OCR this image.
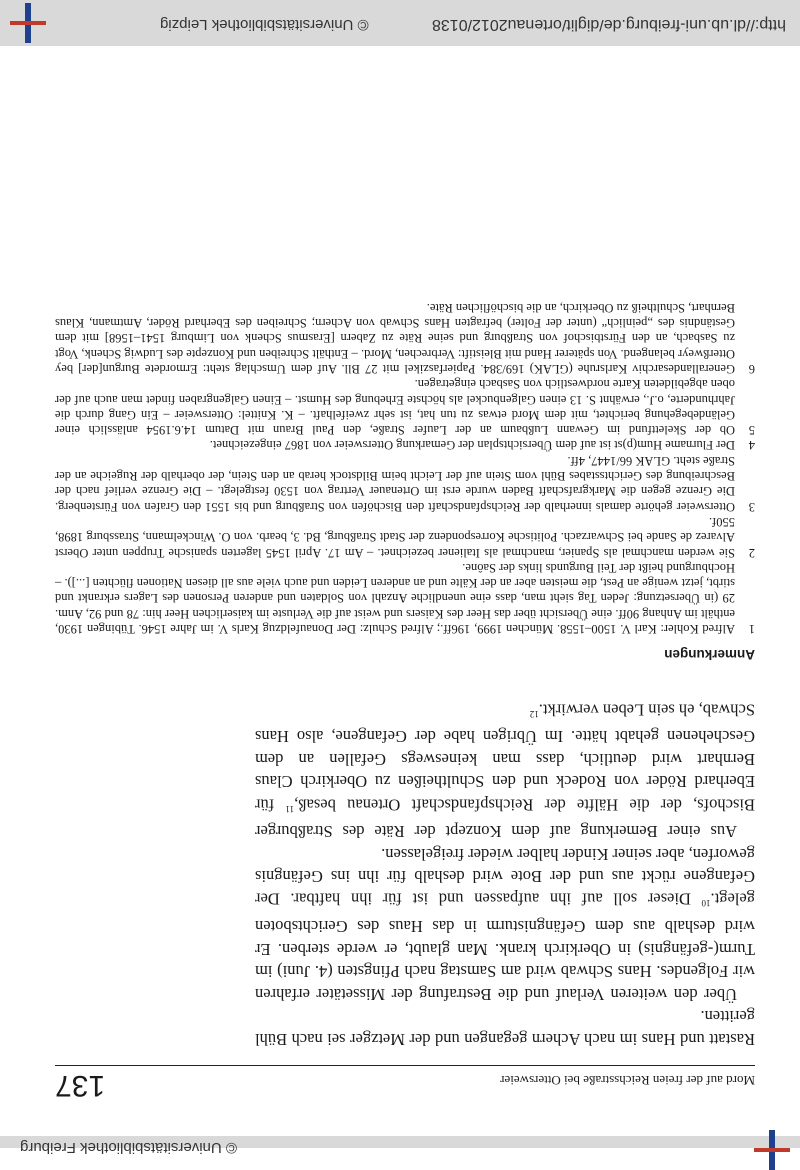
© Universitätsbibliothek Freiburg
Mord auf der freien Reichsstraße bei Ottersweier
137

Rastatt und Hans im nach Achern gegangen und der Metzger sei nach Bühl geritten.

Über den weiteren Verlauf und die Bestrafung der Missetäter erfahren wir Folgendes. Hans Schwab wird am Samstag nach Pfingsten (4. Juni) im Turm(-gefängnis) in Oberkirch krank. Man glaubt, er werde sterben. Er wird deshalb aus dem Gefängnisturm in das Haus des Gerichtsboten gelegt.$^{10}$ Dieser soll auf ihn aufpassen und ist für ihn haftbar. Der Gefangene rückt aus und der Bote wird deshalb für ihn ins Gefängnis geworfen, aber seiner Kinder halber wieder freigelassen.

Aus einer Bemerkung auf dem Konzept der Räte des Straßburger Bischofs, der die Hälfte der Reichspfandschaft Ortenau besaß,$^{11}$ für Eberhard Röder von Rodeck und den Schultheißen zu Oberkirch Claus Bernhart wird deutlich, dass man keineswegs Gefallen an dem Geschehenen gehabt hätte. Im Übrigen habe der Gefangene, also Hans Schwab, eh sein Leben verwirkt.$^{12}$

Anmerkungen

1
Alfred Kohler: Karl V. 1500–1558. München 1999, 196ff.; Alfred Schulz: Der Donaufeldzug Karls V. im Jahre 1546. Tübingen 1930, enthält im Anhang 90ff. eine Übersicht über das Heer des Kaisers und weist auf die Verluste im kaiserlichen Heer hin: 78 und 92, Anm. 29 (in Übersetzung: Jeden Tag sieht man, dass eine unendliche Anzahl von Soldaten und anderen Personen des Lagers erkrankt und stirbt, jetzt wenige an Pest, die meisten aber an der Kälte und an anderen Leiden und auch viele aus all diesen Nationen flüchten [...]). – Hochburgund heißt der Teil Burgunds links der Saône.

2
Sie werden manchmal als Spanier, manchmal als Italiener bezeichnet. – Am 17. April 1545 lagerten spanische Truppen unter Oberst Alvarez de Sande bei Schwarzach. Politische Korrespondenz der Stadt Straßburg, Bd. 3, bearb. von O. Winckelmann, Strassburg 1898, 550f.

3
Ottersweier gehörte damals innerhalb der Reichspfandschaft den Bischöfen von Straßburg und bis 1551 den Grafen von Fürstenberg. Die Grenze gegen die Markgrafschaft Baden wurde erst im Ortenauer Vertrag von 1530 festgelegt. – Die Grenze verlief nach der Beschreibung des Gerichtsstabes Bühl vom Stein auf der Leicht beim Bildstock herab an den Stein, der oberhalb der Rugeiche an der Straße steht. GLAK 66/1447, 4ff.

4
Der Flurname Hum(p)st ist auf dem Übersichtsplan der Gemarkung Ottersweier von 1867 eingezeichnet.

5
Ob der Skelettfund im Gewann Lußbaum an der Laufer Straße, den Paul Braun mit Datum 14.6.1954 anlässlich einer Geländebegehung berichtet, mit dem Mord etwas zu tun hat, ist sehr zweifelhaft. – K. Knittel: Ottersweier – Ein Gang durch die Jahrhunderte, o.J., erwähnt S. 13 einen Galgenbuckel als höchste Erhebung des Humst. – Einen Galgengraben findet man auch auf der oben abgebildeten Karte nordwestlich von Sasbach eingetragen.

6
Generallandesarchiv Karlsruhe (GLAK) 169/384. Papierfaszikel mit 27 Bll. Auf dem Umschlag steht: Ermordete Burgun[der] bey Otterßweyr belangend. Von späterer Hand mit Bleistift: Verbrechen, Mord. – Enthält Schreiben und Konzepte des Ludwig Schenk, Vogt zu Sasbach, an den Fürstbischof von Straßburg und seine Räte zu Zabern [Erasmus Schenk von Limburg 1541–1568] mit dem Geständnis des „peinlich“ (unter der Folter) befragten Hans Schwab von Achern; Schreiben des Eberhard Röder, Amtmann, Klaus Bernhart, Schultheiß zu Oberkirch, an die bischöflichen Räte.

http://dl.ub.uni-freiburg.de/diglit/ortenau2012/0138
© Universitätsbibliothek Leipzig
